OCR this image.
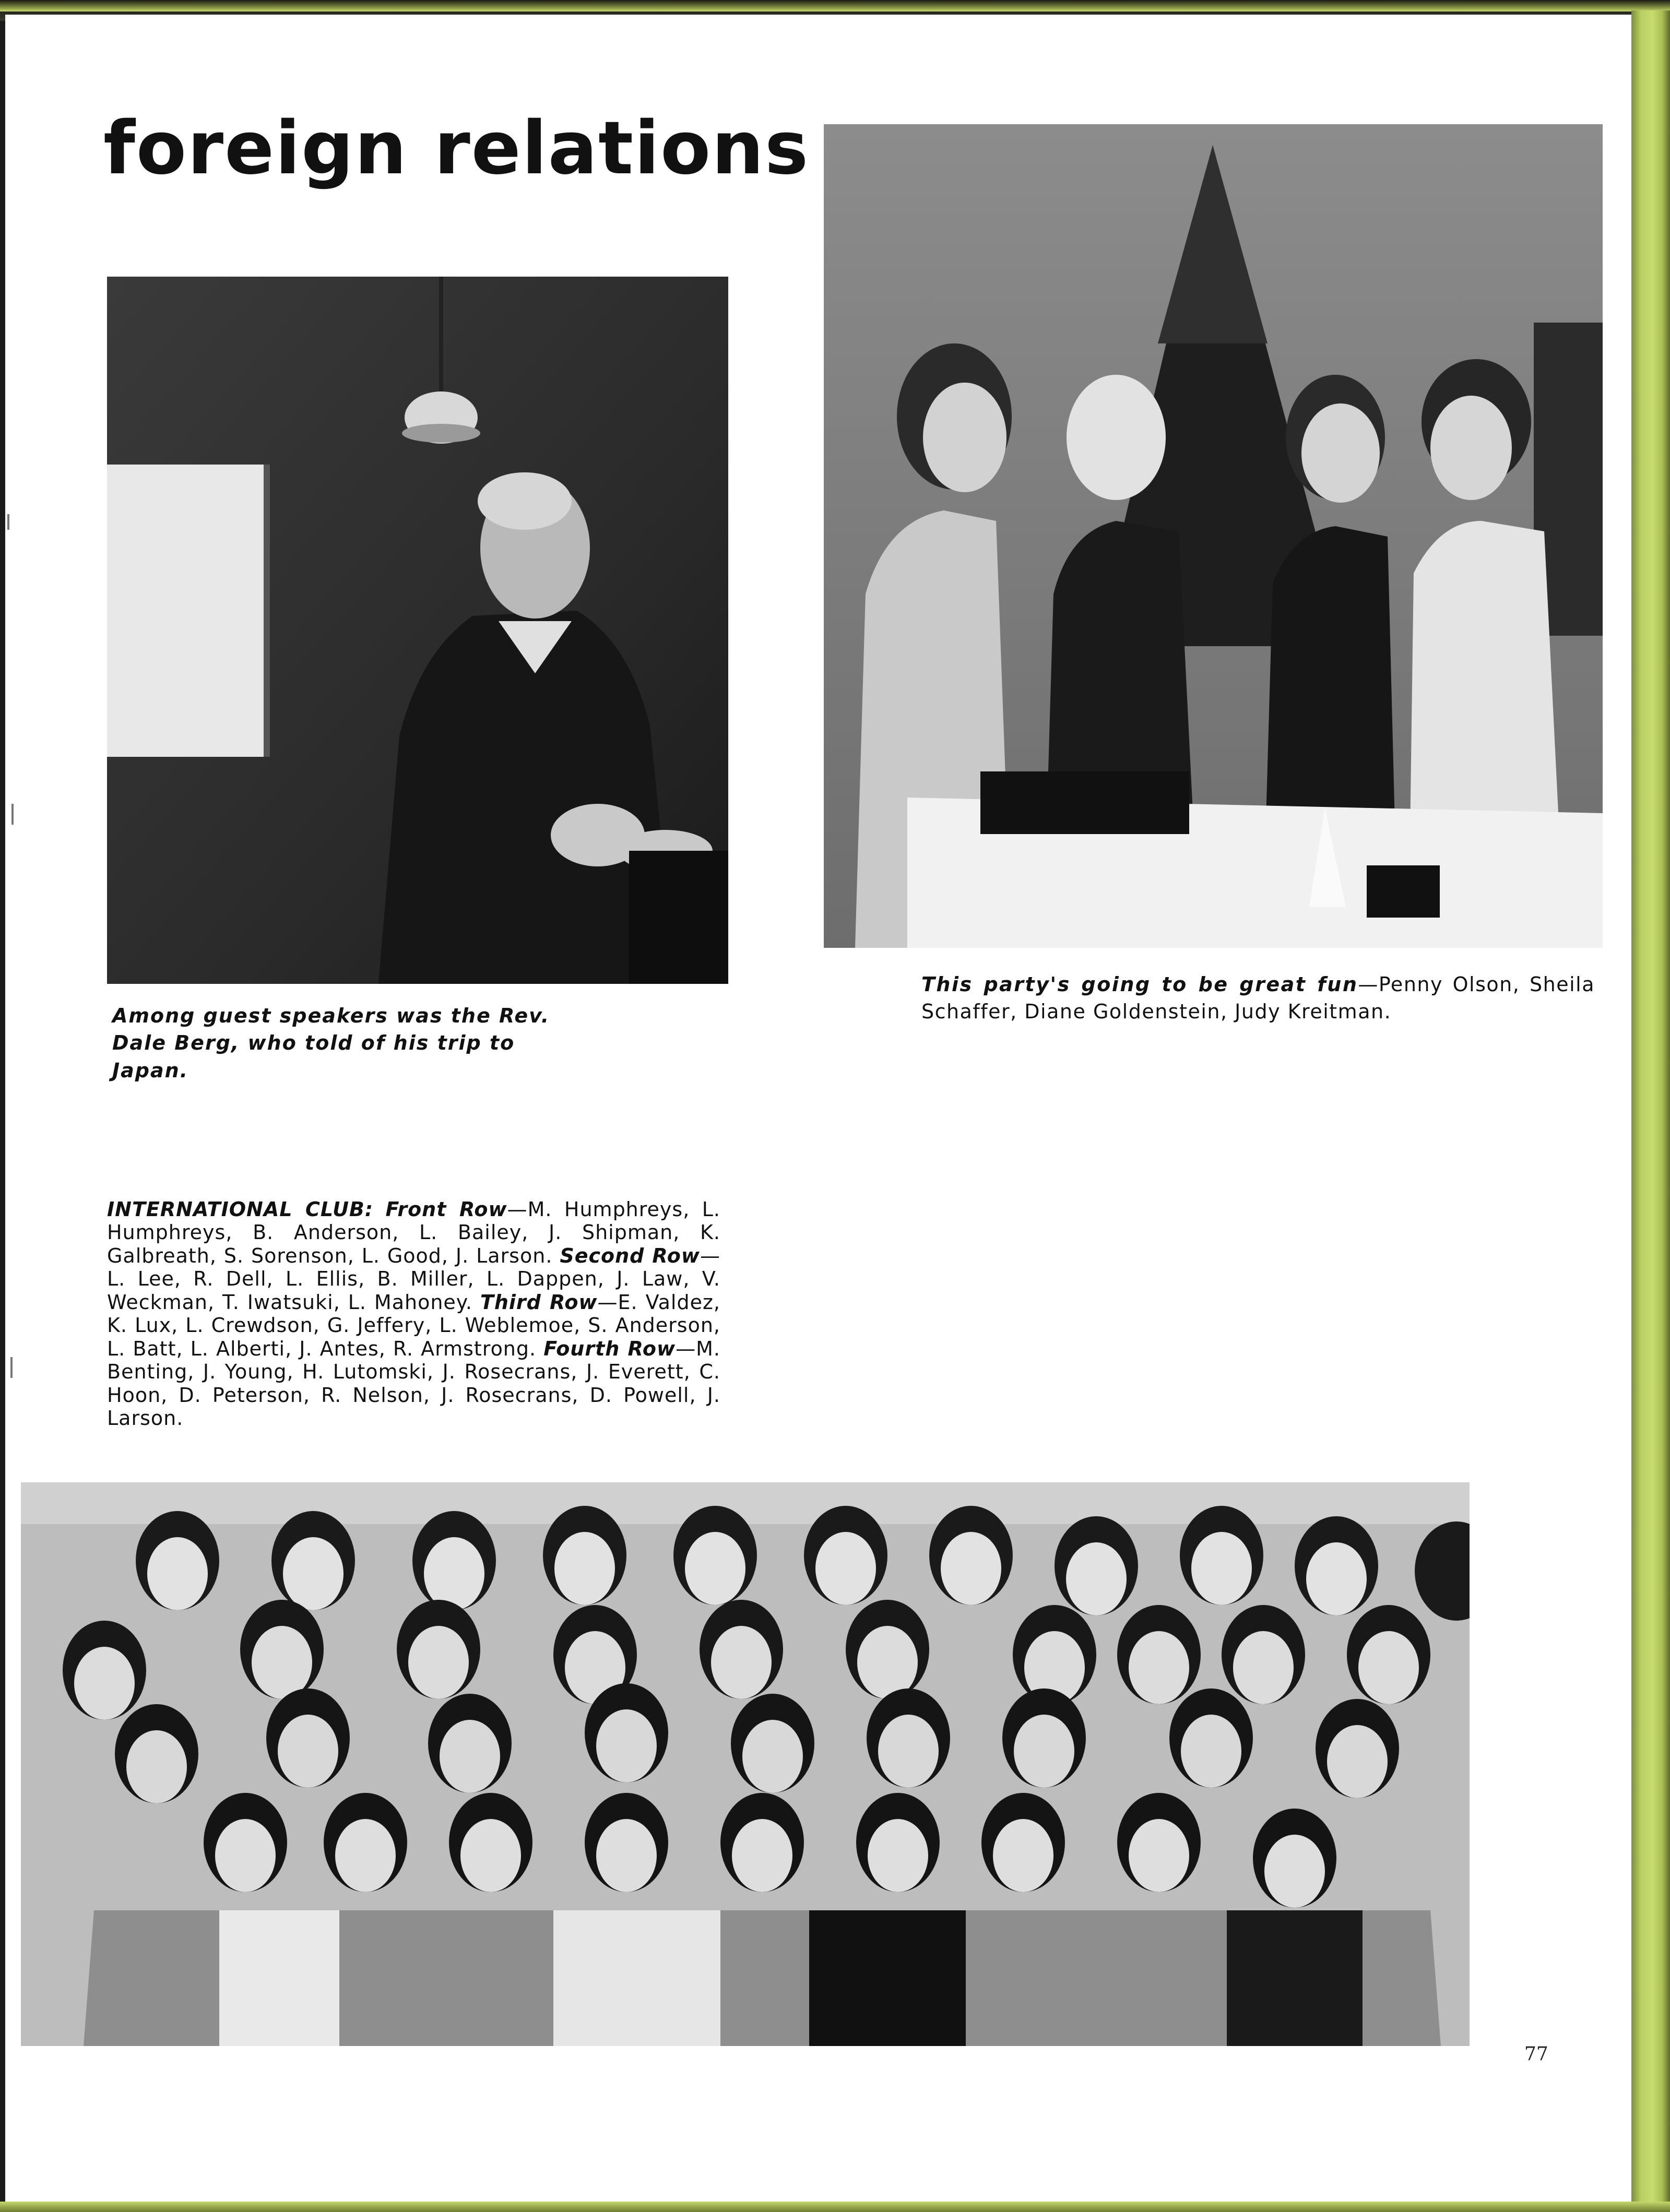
foreign relations

Among guest speakers was the Rev. Dale Berg, who told of his trip to Japan.

This party's going to be great fun—Penny Olson, Sheila Schaffer, Diane Goldenstein, Judy Kreitman.

INTERNATIONAL CLUB: Front Row—M. Humphreys, L. Humphreys, B. Anderson, L. Bailey, J. Shipman, K. Galbreath, S. Sorenson, L. Good, J. Larson. Second Row—L. Lee, R. Dell, L. Ellis, B. Miller, L. Dappen, J. Law, V. Weckman, T. Iwatsuki, L. Mahoney. Third Row—E. Valdez, K. Lux, L. Crewdson, G. Jeffery, L. Weblemoe, S. Anderson, L. Batt, L. Alberti, J. Antes, R. Armstrong. Fourth Row—M. Benting, J. Young, H. Lutomski, J. Rosecrans, J. Everett, C. Hoon, D. Peterson, R. Nelson, J. Rosecrans, D. Powell, J. Larson.

77
